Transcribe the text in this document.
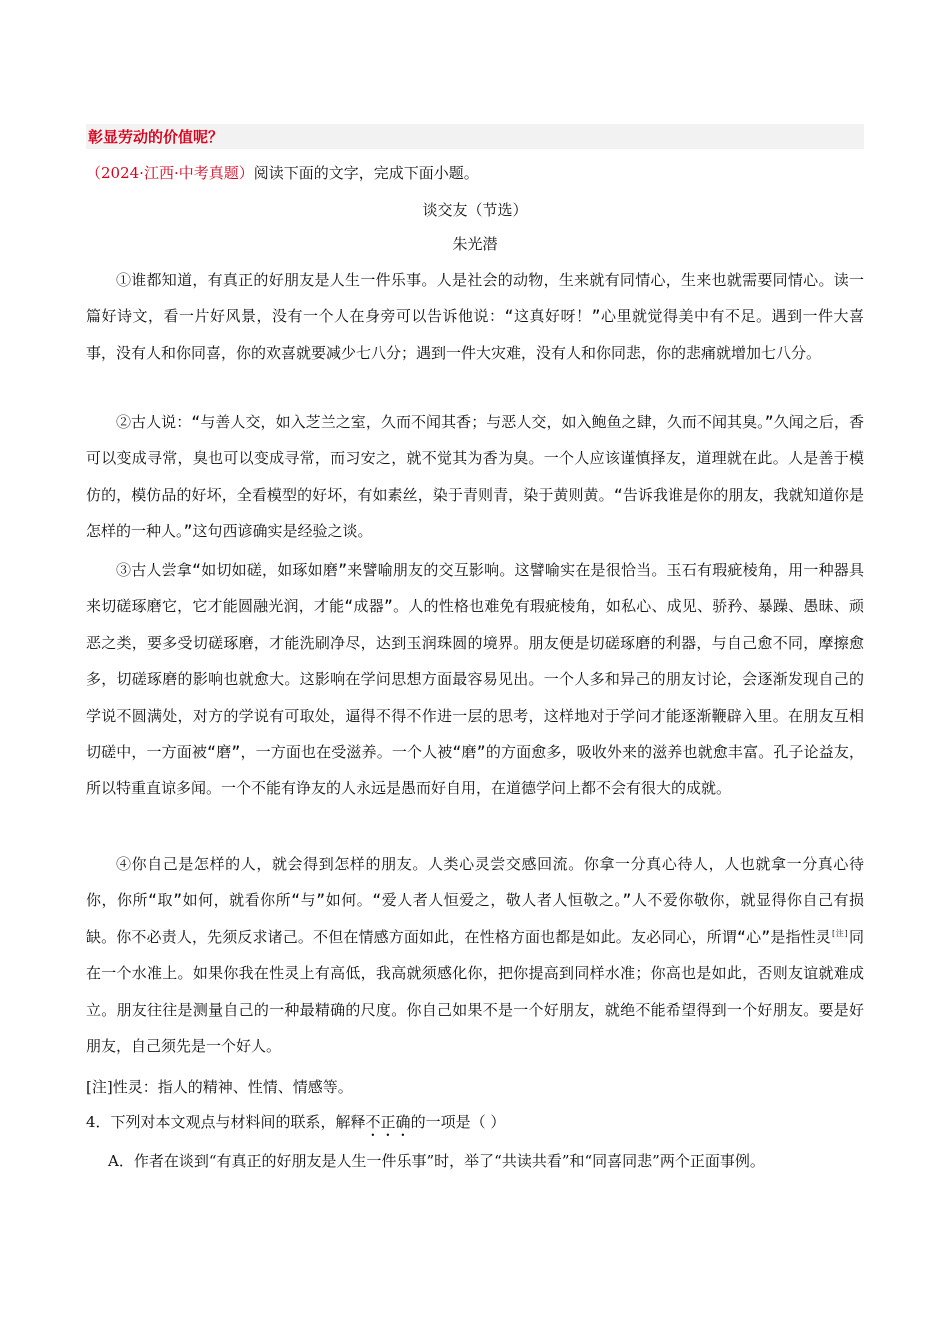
彰显劳动的价值呢？
（2024·江西·中考真题）阅读下面的文字，完成下面小题。
谈交友（节选）
朱光潜

①谁都知道，有真正的好朋友是人生一件乐事。人是社会的动物，生来就有同情心，生来也就需要同情心。读一篇好诗文，看一片好风景，没有一个人在身旁可以告诉他说：“这真好呀！”心里就觉得美中有不足。遇到一件大喜事，没有人和你同喜，你的欢喜就要减少七八分；遇到一件大灾难，没有人和你同悲，你的悲痛就增加七八分。

②古人说：“与善人交，如入芝兰之室，久而不闻其香；与恶人交，如入鲍鱼之肆，久而不闻其臭。”久闻之后，香可以变成寻常，臭也可以变成寻常，而习安之，就不觉其为香为臭。一个人应该谨慎择友，道理就在此。人是善于模仿的，模仿品的好坏，全看模型的好坏，有如素丝，染于青则青，染于黄则黄。“告诉我谁是你的朋友，我就知道你是怎样的一种人。”这句西谚确实是经验之谈。

③古人尝拿“如切如磋，如琢如磨”来譬喻朋友的交互影响。这譬喻实在是很恰当。玉石有瑕疵棱角，用一种器具来切磋琢磨它，它才能圆融光润，才能“成器”。人的性格也难免有瑕疵棱角，如私心、成见、骄矜、暴躁、愚昧、顽恶之类，要多受切磋琢磨，才能洗刷净尽，达到玉润珠圆的境界。朋友便是切磋琢磨的利器，与自己愈不同，摩擦愈多，切磋琢磨的影响也就愈大。这影响在学问思想方面最容易见出。一个人多和异己的朋友讨论，会逐渐发现自己的学说不圆满处，对方的学说有可取处，逼得不得不作进一层的思考，这样地对于学问才能逐渐鞭辟入里。在朋友互相切磋中，一方面被“磨”，一方面也在受滋养。一个人被“磨”的方面愈多，吸收外来的滋养也就愈丰富。孔子论益友，所以特重直谅多闻。一个不能有诤友的人永远是愚而好自用，在道德学问上都不会有很大的成就。

④你自己是怎样的人，就会得到怎样的朋友。人类心灵尝交感回流。你拿一分真心待人，人也就拿一分真心待你，你所“取”如何，就看你所“与”如何。“爱人者人恒爱之，敬人者人恒敬之。”人不爱你敬你，就显得你自己有损缺。你不必责人，先须反求诸己。不但在情感方面如此，在性格方面也都是如此。友必同心，所谓“心”是指性灵[注]同在一个水准上。如果你我在性灵上有高低，我高就须感化你，把你提高到同样水准；你高也是如此，否则友谊就难成立。朋友往往是测量自己的一种最精确的尺度。你自己如果不是一个好朋友，就绝不能希望得到一个好朋友。要是好朋友，自己须先是一个好人。

[注]性灵：指人的精神、性情、情感等。
4．下列对本文观点与材料间的联系，解释不正确的一项是（ ）

A．作者在谈到“有真正的好朋友是人生一件乐事”时，举了“共读共看”和“同喜同悲”两个正面事例。
